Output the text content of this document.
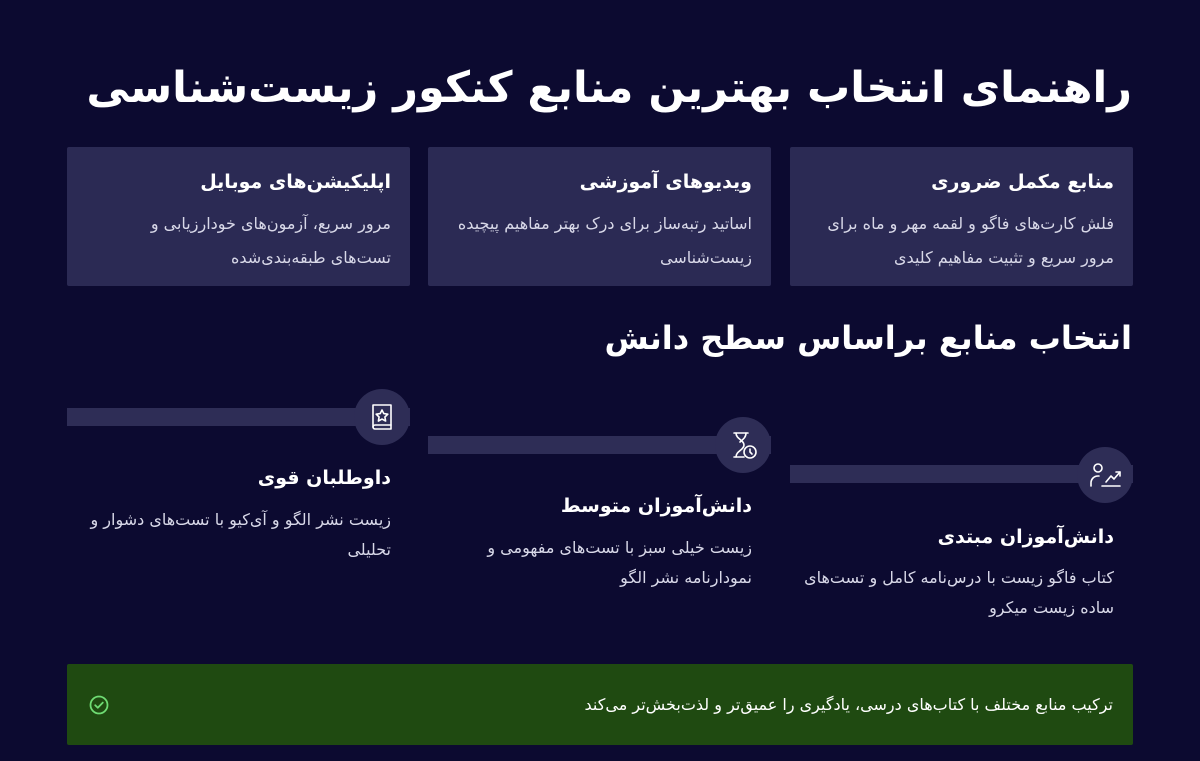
راهنمای انتخاب بهترین منابع کنکور زیست‌شناسی

منابع مکمل ضروری

فلش کارت‌های فاگو و لقمه مهر و ماه برای مرور سریع و تثبیت مفاهیم کلیدی

ویدیوهای آموزشی

اساتید رتبه‌ساز برای درک بهتر مفاهیم پیچیده زیست‌شناسی

اپلیکیشن‌های موبایل

مرور سریع، آزمون‌های خودارزیابی و تست‌های طبقه‌بندی‌شده

انتخاب منابع براساس سطح دانش

دانش‌آموزان مبتدی

کتاب فاگو زیست با درس‌نامه کامل و تست‌های ساده زیست میکرو

دانش‌آموزان متوسط

زیست خیلی سبز با تست‌های مفهومی و نمودارنامه نشر الگو

داوطلبان قوی

زیست نشر الگو و آی‌کیو با تست‌های دشوار و تحلیلی

ترکیب منابع مختلف با کتاب‌های درسی، یادگیری را عمیق‌تر و لذت‌بخش‌تر می‌کند
